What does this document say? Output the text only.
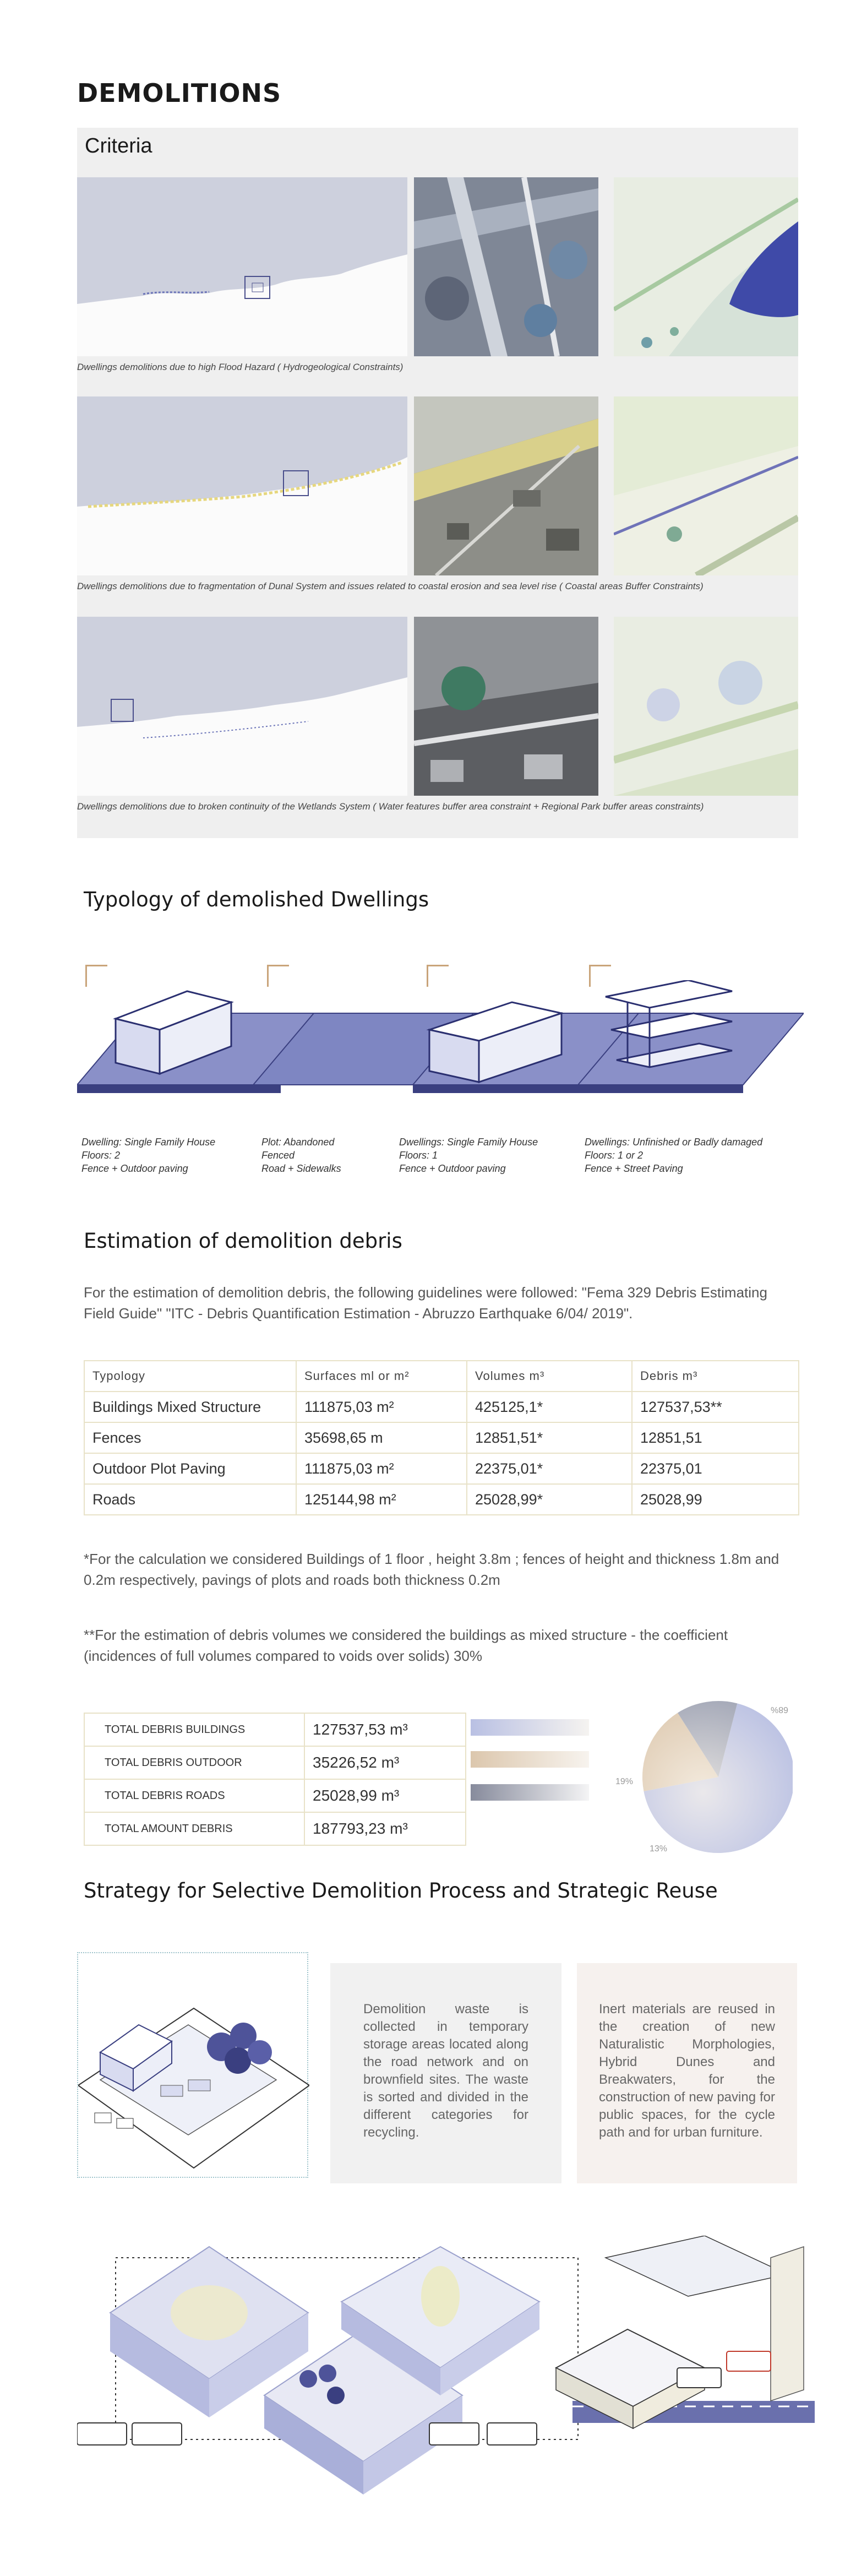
DEMOLITIONS
Criteria
Dwellings demolitions due to high Flood Hazard ( Hydrogeological Constraints)
Dwellings demolitions due to fragmentation of Dunal System and issues related to coastal erosion and sea level rise ( Coastal areas Buffer Constraints)
Dwellings demolitions due to broken continuity of the Wetlands System ( Water features buffer area constraint + Regional Park buffer areas constraints)
Typology of demolished Dwellings
Dwelling: Single Family House
Floors: 2
Fence + Outdoor paving
Plot: Abandoned
Fenced
Road + Sidewalks
Dwellings: Single Family House
Floors: 1
Fence + Outdoor paving
Dwellings: Unfinished or Badly damaged
Floors: 1 or 2
Fence + Street Paving
Estimation of demolition debris
For the estimation of demolition debris, the following guidelines were followed: "Fema 329 Debris Estimating Field Guide" "ITC - Debris Quantification Estimation - Abruzzo Earthquake 6/04/ 2019".
Typology	Surfaces ml or m²	Volumes m³	Debris m³
Buildings Mixed Structure	111875,03 m²	425125,1*	127537,53**
Fences	35698,65 m	12851,51*	12851,51
Outdoor Plot Paving	111875,03 m²	22375,01*	22375,01
Roads	125144,98 m²	25028,99*	25028,99
*For the calculation we considered Buildings of 1 floor , height 3.8m ; fences of height and thickness 1.8m and 0.2m respectively, pavings of plots and roads both thickness 0.2m
**For the estimation of debris volumes we considered the buildings as mixed structure - the coefficient (incidences of full volumes compared to voids over solids) 30%
TOTAL DEBRIS BUILDINGS	127537,53 m³
TOTAL DEBRIS OUTDOOR	35226,52 m³
TOTAL DEBRIS ROADS	25028,99 m³
TOTAL AMOUNT DEBRIS	187793,23 m³
68%
19%
13%
Strategy for Selective Demolition Process and Strategic Reuse
Demolition waste is collected in temporary storage areas located along the road network and on brownfield sites. The waste is sorted and divided in the different categories for recycling.
Inert materials are reused in the creation of new Naturalistic Morphologies, Hybrid Dunes and Breakwaters, for the construction of new paving for public spaces, for the cycle path and for urban furniture.
